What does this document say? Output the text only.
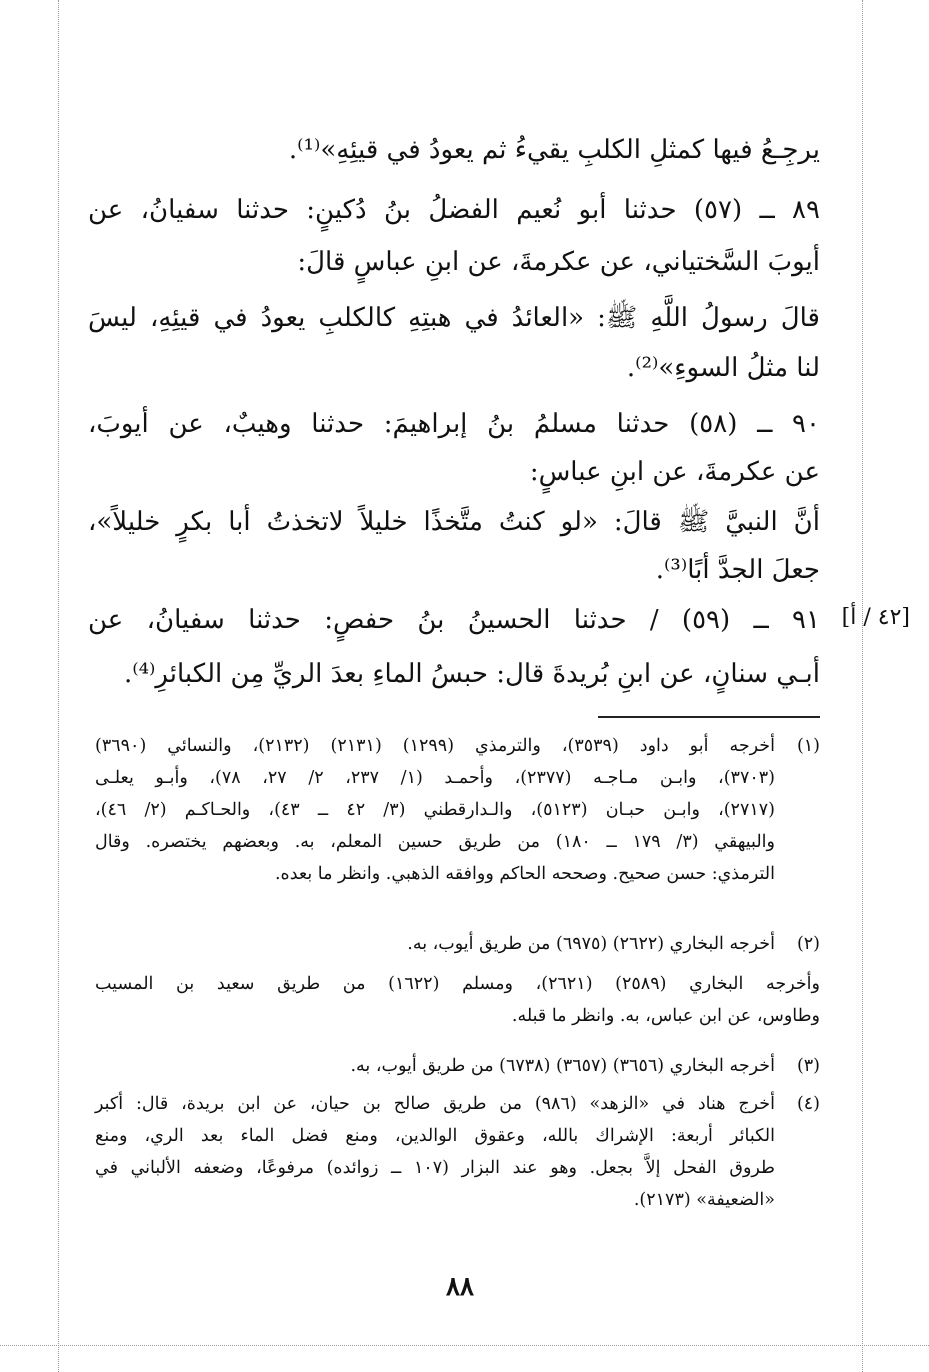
يرجِـعُ فيها كمثلِ الكلبِ يقيءُ ثم يعودُ في قيئِهِ»⁽¹⁾.
٨٩ ــ (٥٧) حدثنا أبو نُعيم الفضلُ بنُ دُكينٍ: حدثنا سفيانُ، عن
أيوبَ السَّختياني، عن عكرمةَ، عن ابنِ عباسٍ قالَ:
قالَ رسولُ اللَّهِ ﷺ: «العائدُ في هبتِهِ كالكلبِ يعودُ في قيئِهِ، ليسَ
لنا مثلُ السوءِ»⁽²⁾.
٩٠ ــ (٥٨) حدثنا مسلمُ بنُ إبراهيمَ: حدثنا وهيبٌ، عن أيوبَ،
عن عكرمةَ، عن ابنِ عباسٍ:
أنَّ النبيَّ ﷺ قالَ: «لو كنتُ متَّخذًا خليلاً لاتخذتُ أبا بكرٍ خليلاً»،
جعلَ الجدَّ أبًا⁽³⁾.
٩١ ــ (٥٩) / حدثنا الحسينُ بنُ حفصٍ: حدثنا سفيانُ، عن
أبـي سنانٍ، عن ابنِ بُريدةَ قال: حبسُ الماءِ بعدَ الريِّ مِن الكبائرِ⁽⁴⁾.
[٤٢ / أ]
(١)
أخرجه أبو داود (٣٥٣٩)، والترمذي (١٢٩٩) (٢١٣١) (٢١٣٢)، والنسائي (٣٦٩٠)
(٣٧٠٣)، وابـن مـاجـه (٢٣٧٧)، وأحمـد (١/ ٢٣٧، ٢/ ٢٧، ٧٨)، وأبـو يعلـى
(٢٧١٧)، وابـن حبـان (٥١٢٣)، والـدارقطني (٣/ ٤٢ ــ ٤٣)، والحـاكـم (٢/ ٤٦)،
والبيهقي (٣/ ١٧٩ ــ ١٨٠) من طريق حسين المعلم، به. وبعضهم يختصره. وقال
الترمذي: حسن صحيح. وصححه الحاكم ووافقه الذهبي. وانظر ما بعده.
(٢)
أخرجه البخاري (٢٦٢٢) (٦٩٧٥) من طريق أيوب، به.
وأخرجه البخاري (٢٥٨٩) (٢٦٢١)، ومسلم (١٦٢٢) من طريق سعيد بن المسيب
وطاوس، عن ابن عباس، به. وانظر ما قبله.
(٣)
أخرجه البخاري (٣٦٥٦) (٣٦٥٧) (٦٧٣٨) من طريق أيوب، به.
(٤)
أخرج هناد في «الزهد» (٩٨٦) من طريق صالح بن حيان، عن ابن بريدة، قال: أكبر
الكبائر أربعة: الإشراك بالله، وعقوق الوالدين، ومنع فضل الماء بعد الري، ومنع
طروق الفحل إلاَّ بجعل. وهو عند البزار (١٠٧ ــ زوائده) مرفوعًا، وضعفه الألباني في
«الضعيفة» (٢١٧٣).
٨٨
